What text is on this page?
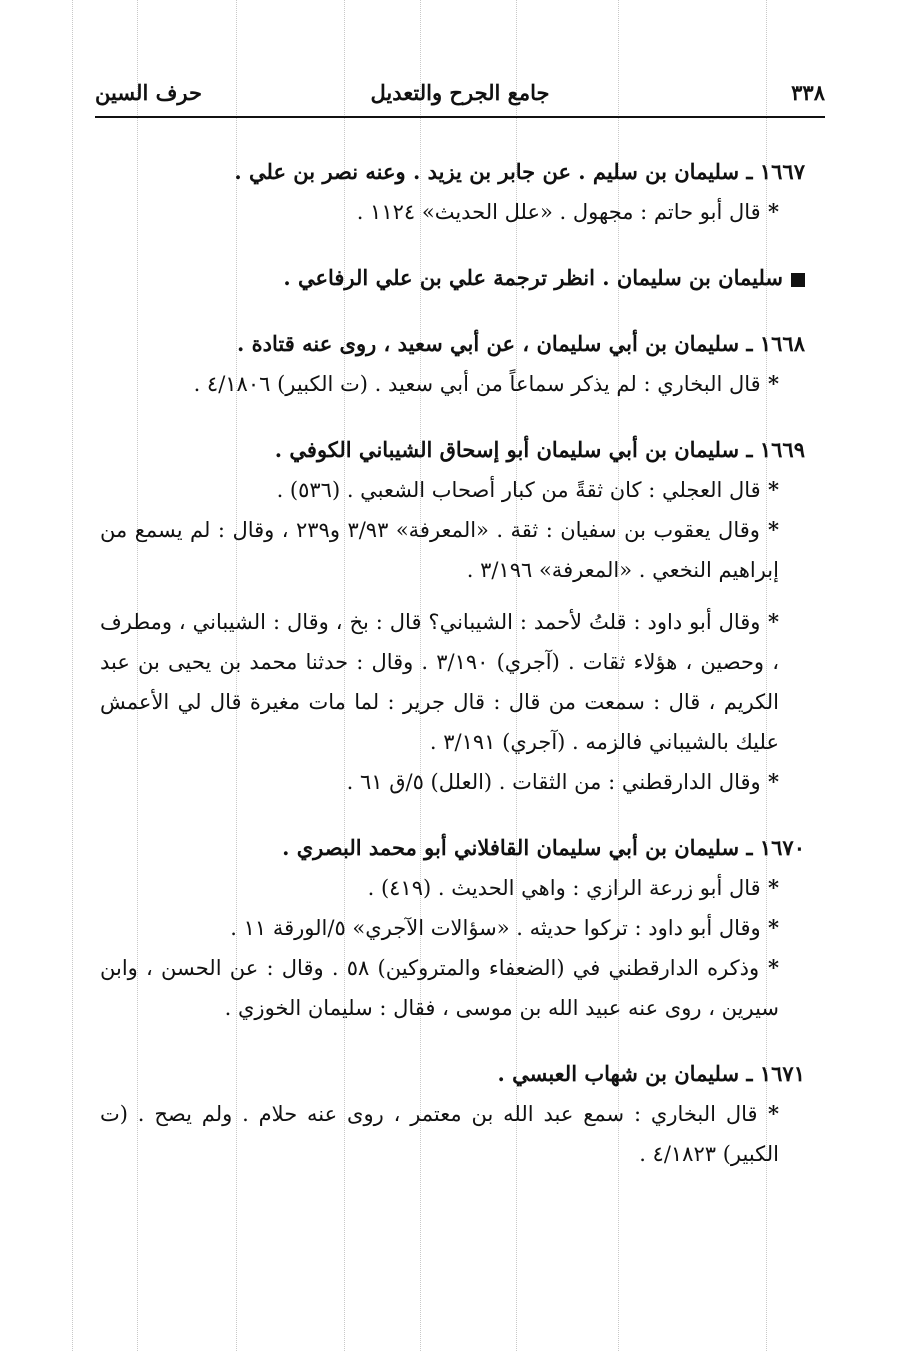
٣٣٨
جامع الجرح والتعديل
حرف السين

١٦٦٧ ـ سليمان بن سليم . عن جابر بن يزيد . وعنه نصر بن علي .

* قال أبو حاتم : مجهول . «علل الحديث» ١١٢٤ .

سليمان بن سليمان . انظر ترجمة علي بن علي الرفاعي .

١٦٦٨ ـ سليمان بن أبي سليمان ، عن أبي سعيد ، روى عنه قتادة .

* قال البخاري : لم يذكر سماعاً من أبي سعيد . (ت الكبير) ٤/١٨٠٦ .

١٦٦٩ ـ سليمان بن أبي سليمان أبو إسحاق الشيباني الكوفي .

* قال العجلي : كان ثقةً من كبار أصحاب الشعبي . (٥٣٦) .

* وقال يعقوب بن سفيان : ثقة . «المعرفة» ٣/٩٣ و٢٣٩ ، وقال : لم يسمع من إبراهيم النخعي . «المعرفة» ٣/١٩٦ .

* وقال أبو داود : قلتُ لأحمد : الشيباني؟ قال : بخ ، وقال : الشيباني ، ومطرف ، وحصين ، هؤلاء ثقات . (آجري) ٣/١٩٠ . وقال : حدثنا محمد بن يحيى بن عبد الكريم ، قال : سمعت من قال : قال جرير : لما مات مغيرة قال لي الأعمش عليك بالشيباني فالزمه . (آجري) ٣/١٩١ .

* وقال الدارقطني : من الثقات . (العلل) ٥/ق ٦١ .

١٦٧٠ ـ سليمان بن أبي سليمان القافلاني أبو محمد البصري .

* قال أبو زرعة الرازي : واهي الحديث . (٤١٩) .

* وقال أبو داود : تركوا حديثه . «سؤالات الآجري» ٥/الورقة ١١ .

* وذكره الدارقطني في (الضعفاء والمتروكين) ٥٨ . وقال : عن الحسن ، وابن سيرين ، روى عنه عبيد الله بن موسى ، فقال : سليمان الخوزي .

١٦٧١ ـ سليمان بن شهاب العبسي .

* قال البخاري : سمع عبد الله بن معتمر ، روى عنه حلام . ولم يصح . (ت الكبير) ٤/١٨٢٣ .
